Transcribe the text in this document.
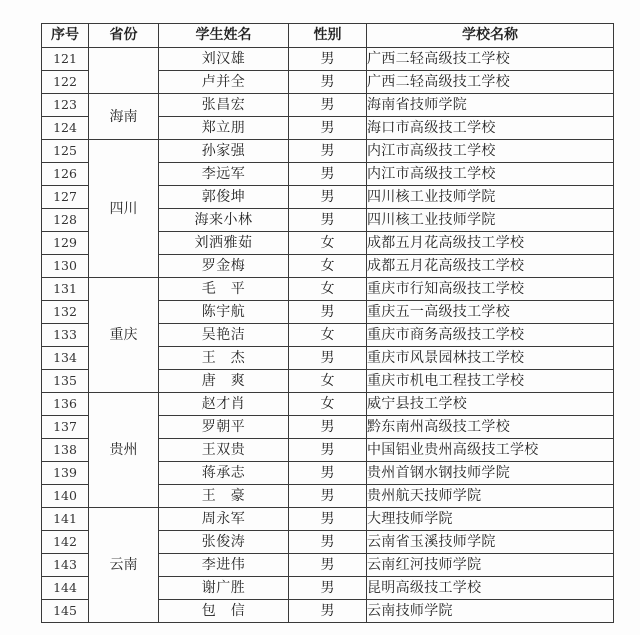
序号	省份	学生姓名	性别	学校名称
121		刘汉雄	男	广西二轻高级技工学校
122		卢并全	男	广西二轻高级技工学校
123	海南	张昌宏	男	海南省技师学院
124		郑立朋	男	海口市高级技工学校
125	四川	孙家强	男	内江市高级技工学校
126		李远军	男	内江市高级技工学校
127		郭俊坤	男	四川核工业技师学院
128		海来小林	男	四川核工业技师学院
129		刘洒雅茹	女	成都五月花高级技工学校
130		罗金梅	女	成都五月花高级技工学校
131	重庆	毛　平	女	重庆市行知高级技工学校
132		陈宇航	男	重庆五一高级技工学校
133		吴艳洁	女	重庆市商务高级技工学校
134		王　杰	男	重庆市风景园林技工学校
135		唐　爽	女	重庆市机电工程技工学校
136	贵州	赵才肖	女	威宁县技工学校
137		罗朝平	男	黔东南州高级技工学校
138		王双贵	男	中国铝业贵州高级技工学校
139		蒋承志	男	贵州首钢水钢技师学院
140		王　豪	男	贵州航天技师学院
141	云南	周永军	男	大理技师学院
142		张俊涛	男	云南省玉溪技师学院
143		李进伟	男	云南红河技师学院
144		谢广胜	男	昆明高级技工学校
145		包　信	男	云南技师学院
